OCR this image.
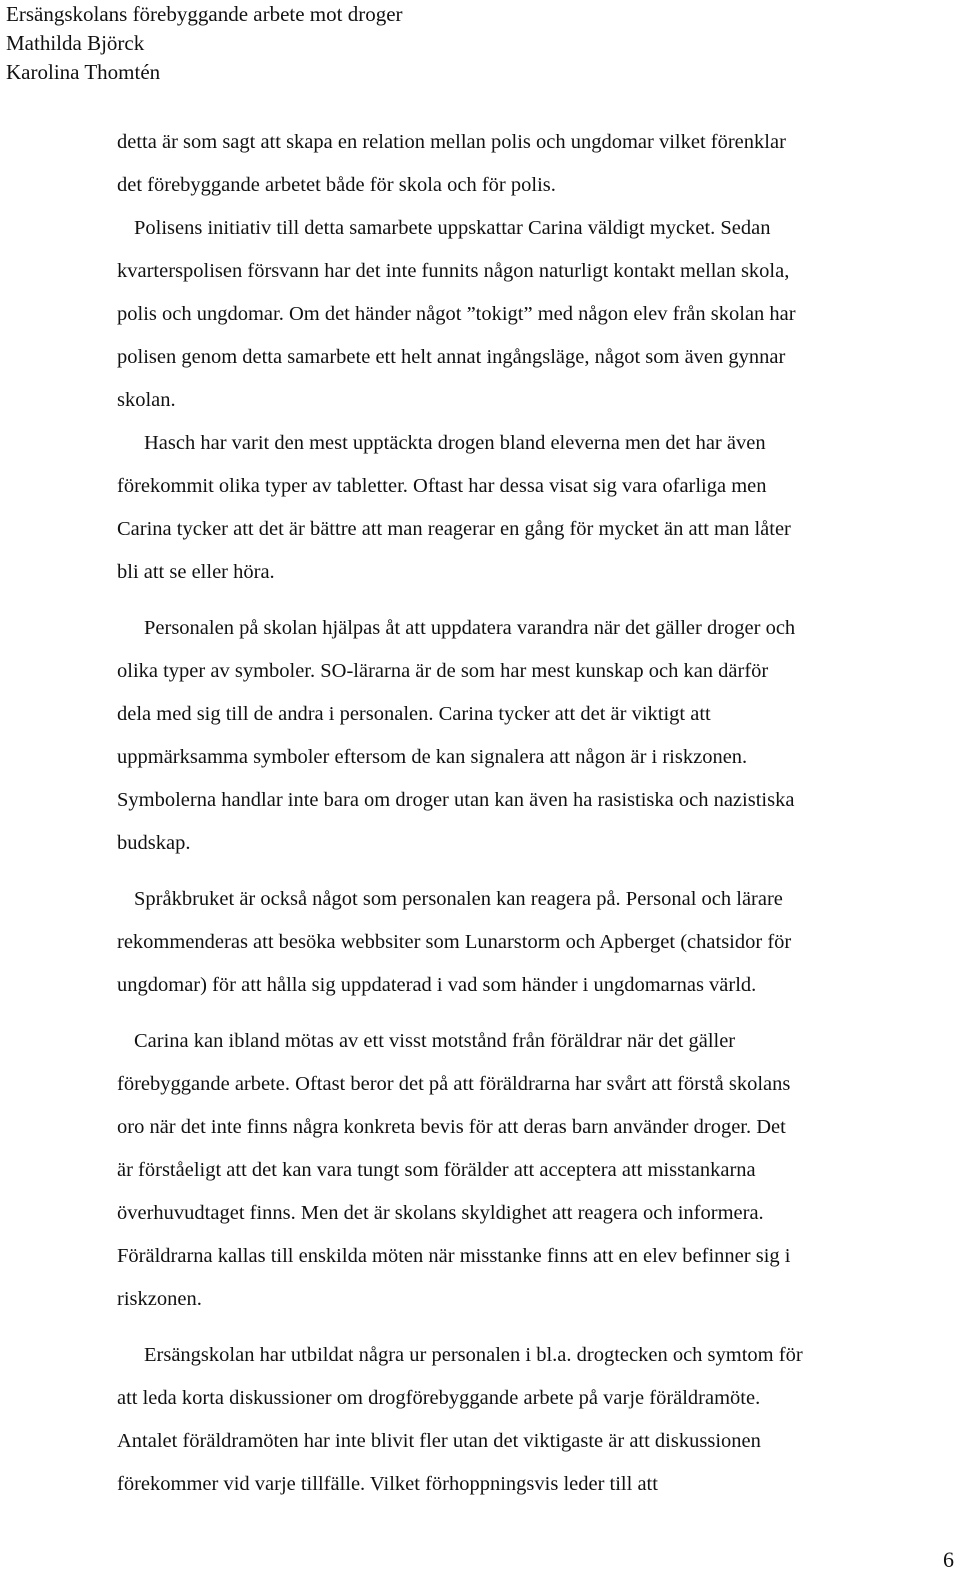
Ersängskolans förebyggande arbete mot droger
Mathilda Björck
Karolina Thomtén
detta är som sagt att skapa en relation mellan polis och ungdomar vilket förenklar
det förebyggande arbetet både för skola och för polis.
Polisens initiativ till detta samarbete uppskattar Carina väldigt mycket. Sedan
kvarterspolisen försvann har det inte funnits någon naturligt kontakt mellan skola,
polis och ungdomar. Om det händer något ”tokigt” med någon elev från skolan har
polisen genom detta samarbete ett helt annat ingångsläge, något som även gynnar
skolan.
Hasch har varit den mest upptäckta drogen bland eleverna men det har även
förekommit olika typer av tabletter. Oftast har dessa visat sig vara ofarliga men
Carina tycker att det är bättre att man reagerar en gång för mycket än att man låter
bli att se eller höra.
Personalen på skolan hjälpas åt att uppdatera varandra när det gäller droger och
olika typer av symboler. SO-lärarna är de som har mest kunskap och kan därför
dela med sig till de andra i personalen. Carina tycker att det är viktigt att
uppmärksamma symboler eftersom de kan signalera att någon är i riskzonen.
Symbolerna handlar inte bara om droger utan kan även ha rasistiska och nazistiska
budskap.
Språkbruket är också något som personalen kan reagera på. Personal och lärare
rekommenderas att besöka webbsiter som Lunarstorm och Apberget (chatsidor för
ungdomar) för att hålla sig uppdaterad i vad som händer i ungdomarnas värld.
Carina kan ibland mötas av ett visst motstånd från föräldrar när det gäller
förebyggande arbete. Oftast beror det på att föräldrarna har svårt att förstå skolans
oro när det inte finns några konkreta bevis för att deras barn använder droger. Det
är förståeligt att det kan vara tungt som förälder att acceptera att misstankarna
överhuvudtaget finns. Men det är skolans skyldighet att reagera och informera.
Föräldrarna kallas till enskilda möten när misstanke finns att en elev befinner sig i
riskzonen.
Ersängskolan har utbildat några ur personalen i bl.a. drogtecken och symtom för
att leda korta diskussioner om drogförebyggande arbete på varje föräldramöte.
Antalet föräldramöten har inte blivit fler utan det viktigaste är att diskussionen
förekommer vid varje tillfälle. Vilket förhoppningsvis leder till att
6
